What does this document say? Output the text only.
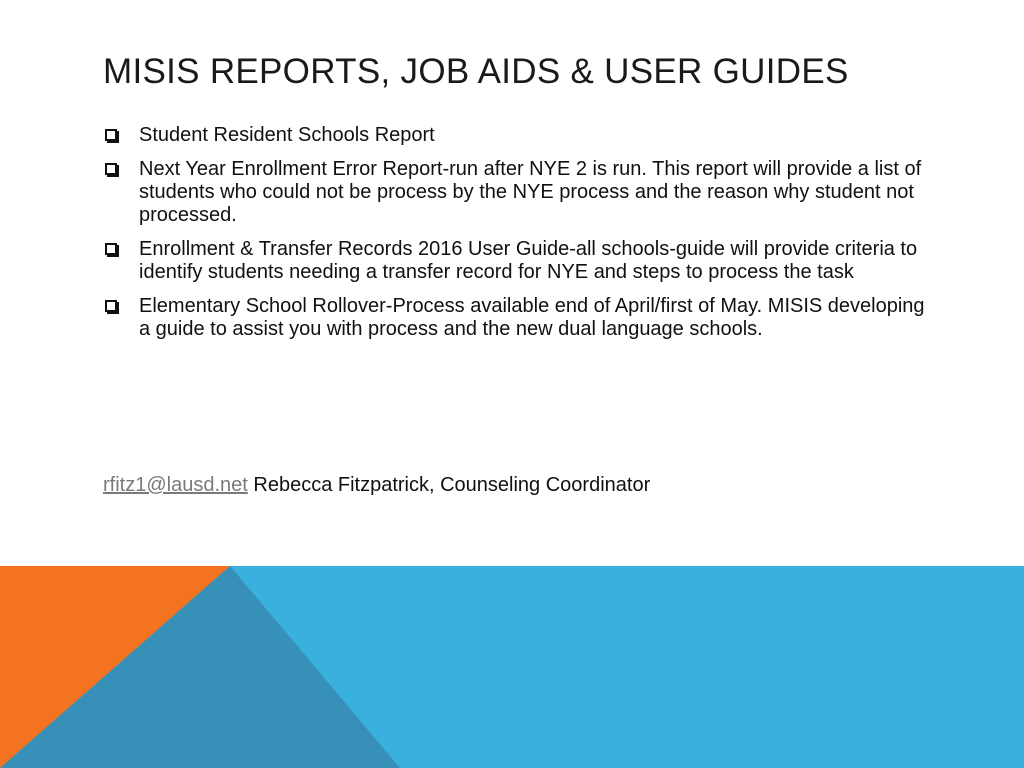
MISIS REPORTS, JOB AIDS & USER GUIDES
Student Resident Schools Report
Next Year Enrollment Error Report-run after NYE 2 is run. This report will provide a list of students who could not be process by the NYE process and the reason why student not processed.
Enrollment & Transfer Records 2016 User Guide-all schools-guide will provide criteria to identify students needing a transfer record for NYE and steps to process the task
Elementary School Rollover-Process available end of April/first of May. MISIS developing a guide to assist you with process and the new dual language schools.
rfitz1@lausd.net Rebecca Fitzpatrick, Counseling Coordinator
